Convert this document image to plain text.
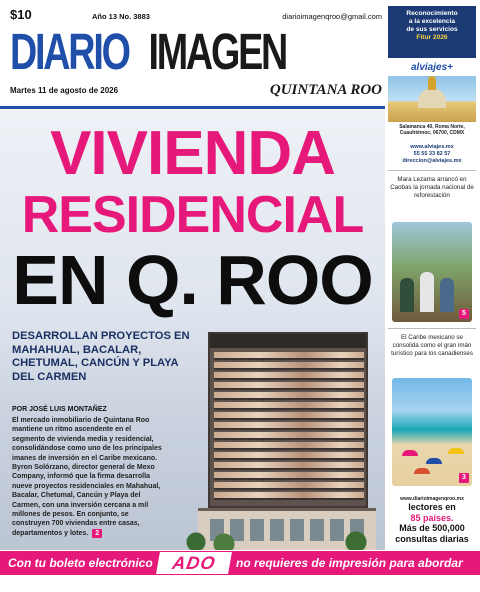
$10	Año 13 No. 3883	diarioimagenqroo@gmail.com
DIARIO IMAGEN
Martes 11 de agosto de 2026	QUINTANA ROO
VIVIENDA
RESIDENCIAL
EN Q. ROO
DESARROLLAN PROYECTOS EN MAHAHUAL, BACALAR, CHETUMAL, CANCÚN Y PLAYA DEL CARMEN
POR JOSÉ LUIS MONTAÑEZ
El mercado inmobiliario de Quintana Roo mantiene un ritmo ascendente en el segmento de vivienda media y residencial, consolidándose como uno de los principales imanes de inversión en el Caribe mexicano. Byron Solórzano, director general de Mexo Company, informó que la firma desarrolla nueve proyectos residenciales en Mahahual, Bacalar, Chetumal, Cancún y Playa del Carmen, con una inversión cercana a mil millones de pesos. En conjunto, se construyen 700 viviendas entre casas, departamentos y lotes. 2
Reconocimiento
a la excelencia
de sus servicios
Fitur 2026
alviajes+
Salamanca 40, Roma Norte, Cuauhtémoc, 06700, CDMX
www.alviajes.mx
55 55 33 82 57
direccion@alviajes.mx
Mara Lezama arrancó en Caobas la jornada nacional de reforestación
5
El Caribe mexicano se consolida como el gran imán turístico para los canadienses
3
www.diarioimagenqroo.mx
lectores en
85 países.
Más de 500,000
consultas diarias
Con tu boleto electrónico	ADO	no requieres de impresión para abordar
